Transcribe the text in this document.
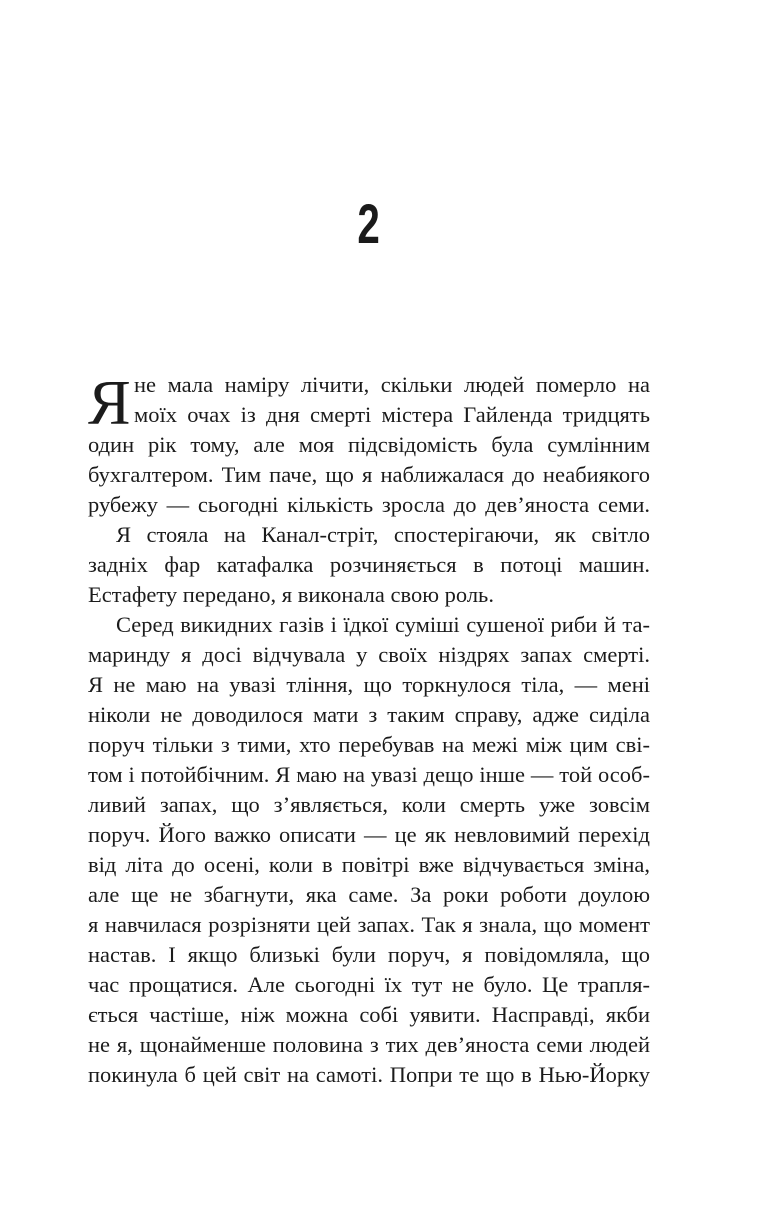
2
Я не мала наміру лічити, скільки людей померло на
моїх очах із дня смерті містера Гайленда тридцять
один рік тому, але моя підсвідомість була сумлінним
бухгалтером. Тим паче, що я наближалася до неабиякого
рубежу — сьогодні кількість зросла до дев’яноста семи.
Я стояла на Канал-стріт, спостерігаючи, як світло
задніх фар катафалка розчиняється в потоці машин.
Естафету передано, я виконала свою роль.
Серед викидних газів і їдкої суміші сушеної риби й та-
маринду я досі відчувала у своїх ніздрях запах смерті.
Я не маю на увазі тління, що торкнулося тіла, — мені
ніколи не доводилося мати з таким справу, адже сиділа
поруч тільки з тими, хто перебував на межі між цим сві-
том і потойбічним. Я маю на увазі дещо інше — той особ-
ливий запах, що з’являється, коли смерть уже зовсім
поруч. Його важко описати — це як невловимий перехід
від літа до осені, коли в повітрі вже відчувається зміна,
але ще не збагнути, яка саме. За роки роботи доулою
я навчилася розрізняти цей запах. Так я знала, що момент
настав. І якщо близькі були поруч, я повідомляла, що
час прощатися. Але сьогодні їх тут не було. Це трапля-
ється частіше, ніж можна собі уявити. Насправді, якби
не я, щонайменше половина з тих дев’яноста семи людей
покинула б цей світ на самоті. Попри те що в Нью-Йорку
